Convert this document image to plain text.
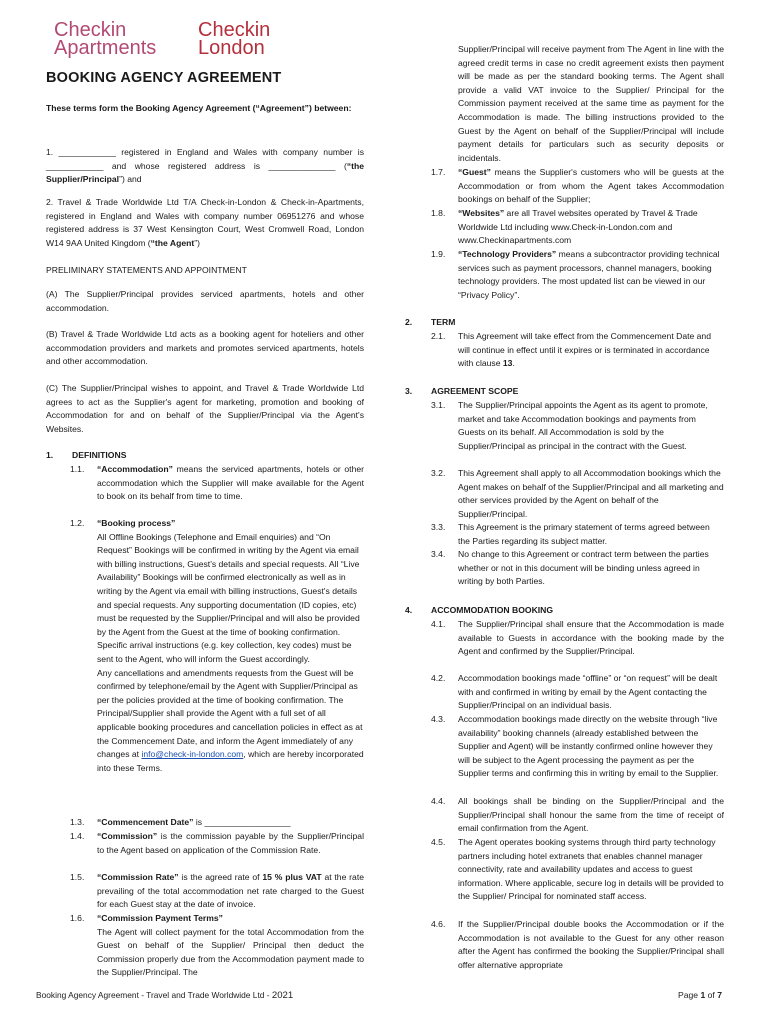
Checkin
Apartments
Checkin
London
BOOKING AGENCY AGREEMENT
These terms form the Booking Agency Agreement (“Agreement”) between:
1. ____________ registered in England and Wales with company number is ____________ and whose registered address is ______________ (“the Supplier/Principal”) and
2. Travel & Trade Worldwide Ltd T/A Check-in-London & Check-in-Apartments, registered in England and Wales with company number 06951276 and whose registered address is 37 West Kensington Court, West Cromwell Road, London W14 9AA United Kingdom (“the Agent”)
PRELIMINARY STATEMENTS AND APPOINTMENT
(A) The Supplier/Principal provides serviced apartments, hotels and other accommodation.
(B) Travel & Trade Worldwide Ltd acts as a booking agent for hoteliers and other accommodation providers and markets and promotes serviced apartments, hotels and other accommodation.
(C) The Supplier/Principal wishes to appoint, and Travel & Trade Worldwide Ltd agrees to act as the Supplier's agent for marketing, promotion and booking of Accommodation for and on behalf of the Supplier/Principal via the Agent's Websites.
1. DEFINITIONS
1.1. “Accommodation” means the serviced apartments, hotels or other accommodation which the Supplier will make available for the Agent to book on its behalf from time to time.
1.2. “Booking process”
All Offline Bookings (Telephone and Email enquiries) and “On Request” Bookings will be confirmed in writing by the Agent via email with billing instructions, Guest's details and special requests. All “Live Availability” Bookings will be confirmed electronically as well as in writing by the Agent via email with billing instructions, Guest's details and special requests. Any supporting documentation (ID copies, etc) must be requested by the Supplier/Principal and will also be provided by the Agent from the Guest at the time of booking confirmation. Specific arrival instructions (e.g. key collection, key codes) must be sent to the Agent, who will inform the Guest accordingly.
Any cancellations and amendments requests from the Guest will be confirmed by telephone/email by the Agent with Supplier/Principal as per the policies provided at the time of booking confirmation. The Principal/Supplier shall provide the Agent with a full set of all applicable booking procedures and cancellation policies in effect as at the Commencement Date, and inform the Agent immediately of any changes at info@check-in-london.com, which are hereby incorporated into these Terms.
1.3. “Commencement Date” is __________________
1.4. “Commission” is the commission payable by the Supplier/Principal to the Agent based on application of the Commission Rate.
1.5. “Commission Rate” is the agreed rate of 15 % plus VAT at the rate prevailing of the total accommodation net rate charged to the Guest for each Guest stay at the date of invoice.
1.6. “Commission Payment Terms”
The Agent will collect payment for the total Accommodation from the Guest on behalf of the Supplier/ Principal then deduct the Commission properly due from the Accommodation payment made to the Supplier/Principal. The
Supplier/Principal will receive payment from The Agent in line with the agreed credit terms in case no credit agreement exists then payment will be made as per the standard booking terms. The Agent shall provide a valid VAT invoice to the Supplier/ Principal for the Commission payment received at the same time as payment for the Accommodation is made. The billing instructions provided to the Guest by the Agent on behalf of the Supplier/Principal will include payment details for particulars such as security deposits or incidentals.
1.7. “Guest” means the Supplier's customers who will be guests at the Accommodation or from whom the Agent takes Accommodation bookings on behalf of the Supplier;
1.8. “Websites” are all Travel websites operated by Travel & Trade Worldwide Ltd including www.Check-in-London.com and www.Checkinapartments.com
1.9. “Technology Providers” means a subcontractor providing technical services such as payment processors, channel managers, booking technology providers. The most updated list can be viewed in our “Privacy Policy”.
2. TERM
2.1. This Agreement will take effect from the Commencement Date and will continue in effect until it expires or is terminated in accordance with clause 13.
3. AGREEMENT SCOPE
3.1. The Supplier/Principal appoints the Agent as its agent to promote, market and take Accommodation bookings and payments from Guests on its behalf. All Accommodation is sold by the Supplier/Principal as principal in the contract with the Guest.
3.2. This Agreement shall apply to all Accommodation bookings which the Agent makes on behalf of the Supplier/Principal and all marketing and other services provided by the Agent on behalf of the Supplier/Principal.
3.3. This Agreement is the primary statement of terms agreed between the Parties regarding its subject matter.
3.4. No change to this Agreement or contract term between the parties whether or not in this document will be binding unless agreed in writing by both Parties.
4. ACCOMMODATION BOOKING
4.1. The Supplier/Principal shall ensure that the Accommodation is made available to Guests in accordance with the booking made by the Agent and confirmed by the Supplier/Principal.
4.2. Accommodation bookings made “offline” or “on request” will be dealt with and confirmed in writing by email by the Agent contacting the Supplier/Principal on an individual basis.
4.3. Accommodation bookings made directly on the website through “live availability” booking channels (already established between the Supplier and Agent) will be instantly confirmed online however they will be subject to the Agent processing the payment as per the Supplier terms and confirming this in writing by email to the Supplier.
4.4. All bookings shall be binding on the Supplier/Principal and the Supplier/Principal shall honour the same from the time of receipt of email confirmation from the Agent.
4.5. The Agent operates booking systems through third party technology partners including hotel extranets that enables channel manager connectivity, rate and availability updates and access to guest information. Where applicable, secure log in details will be provided to the Supplier/ Principal for nominated staff access.
4.6. If the Supplier/Principal double books the Accommodation or if the Accommodation is not available to the Guest for any other reason after the Agent has confirmed the booking the Supplier/Principal shall offer alternative appropriate
Booking Agency Agreement - Travel and Trade Worldwide Ltd - 2021	Page 1 of 7
